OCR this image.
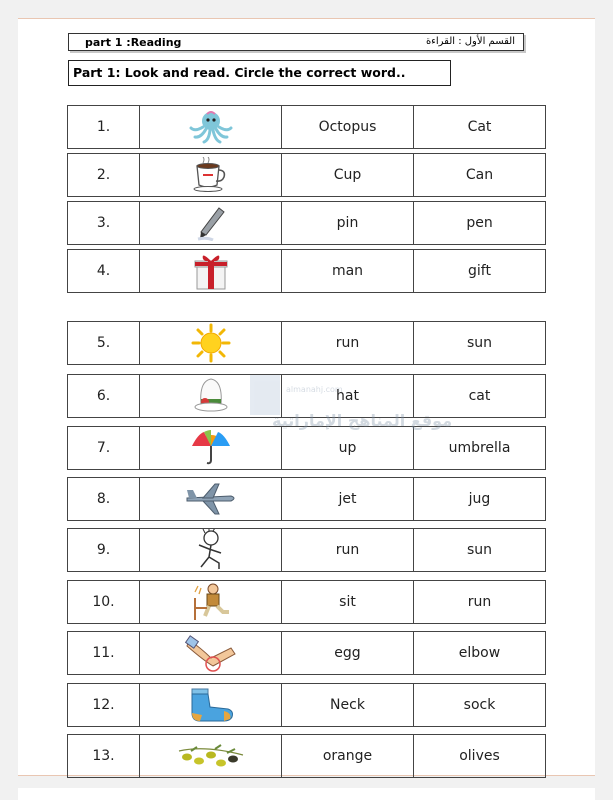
part 1 :Reading	القسم الأول : القراءة
Part 1: Look and read. Circle the correct word..
1.	Octopus	Cat
2.	Cup	Can
3.	pin	pen
4.	man	gift
5.	run	sun
6.	hat	cat
7.	up	umbrella
8.	jet	jug
9.	run	sun
10.	sit	run
11.	egg	elbow
12.	Neck	sock
13.	orange	olives
almanahj.com
موقع المناهج الإماراتية
